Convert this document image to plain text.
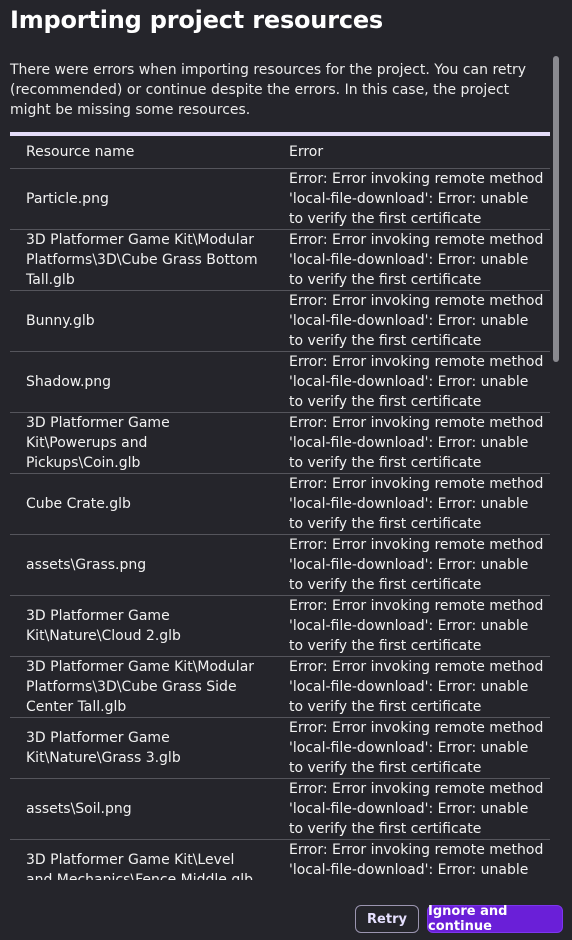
Importing project resources
There were errors when importing resources for the project. You can retry (recommended) or continue despite the errors. In this case, the project might be missing some resources.
Resource name	Error
Particle.png
Error: Error invoking remote method 'local-file-download': Error: unable to verify the first certificate
3D Platformer Game Kit\Modular Platforms\3D\Cube Grass Bottom Tall.glb
Error: Error invoking remote method 'local-file-download': Error: unable to verify the first certificate
Bunny.glb
Error: Error invoking remote method 'local-file-download': Error: unable to verify the first certificate
Shadow.png
Error: Error invoking remote method 'local-file-download': Error: unable to verify the first certificate
3D Platformer Game Kit\Powerups and Pickups\Coin.glb
Error: Error invoking remote method 'local-file-download': Error: unable to verify the first certificate
Cube Crate.glb
Error: Error invoking remote method 'local-file-download': Error: unable to verify the first certificate
assets\Grass.png
Error: Error invoking remote method 'local-file-download': Error: unable to verify the first certificate
3D Platformer Game Kit\Nature\Cloud 2.glb
Error: Error invoking remote method 'local-file-download': Error: unable to verify the first certificate
3D Platformer Game Kit\Modular Platforms\3D\Cube Grass Side Center Tall.glb
Error: Error invoking remote method 'local-file-download': Error: unable to verify the first certificate
3D Platformer Game Kit\Nature\Grass 3.glb
Error: Error invoking remote method 'local-file-download': Error: unable to verify the first certificate
assets\Soil.png
Error: Error invoking remote method 'local-file-download': Error: unable to verify the first certificate
3D Platformer Game Kit\Level
Error: Error invoking remote method 'local-file-download': Error: unable
Retry	Ignore and continue
